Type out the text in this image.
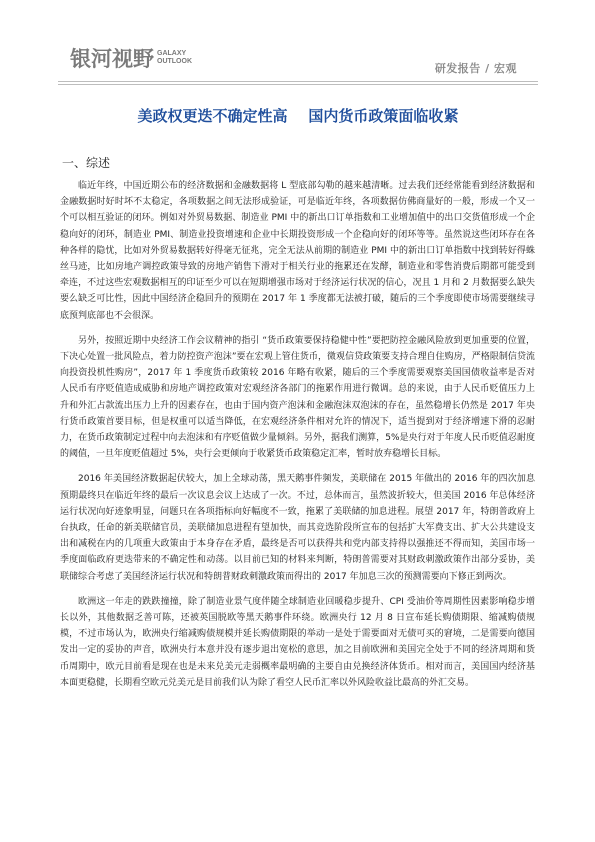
银河视野 GALAXY
OUTLOOK
研发报告 / 宏观
美政权更迭不确定性高    国内货币政策面临收紧
一、综述

临近年终，中国近期公布的经济数据和金融数据将 L 型底部勾勒的越来越清晰。过去我们还经常能看到经济数据和金融数据时好时坏不太稳定，各项数据之间无法形成验证，可是临近年终，各项数据仿佛商量好的一般，形成一个又一个可以相互验证的闭环。例如对外贸易数据、制造业 PMI 中的新出口订单指数和工业增加值中的出口交货值形成一个企稳向好的闭环，制造业 PMI、制造业投资增速和企业中长期投资形成一个企稳向好的闭环等等。虽然说这些闭环存在各种各样的隐忧，比如对外贸易数据转好得毫无征兆，完全无法从前期的制造业 PMI 中的新出口订单指数中找到转好得蛛丝马迹，比如房地产调控政策导致的房地产销售下滑对于相关行业的拖累还在发酵，制造业和零售消费后期都可能受到牵连，不过这些宏观数据相互的印证至少可以在短期增强市场对于经济运行状况的信心，况且 1 月和 2 月数据要么缺失要么缺乏可比性，因此中国经济企稳回升的预期在 2017 年 1 季度都无法被打破，随后的三个季度即使市场需要继续寻底预判底部也不会很深。

另外，按照近期中央经济工作会议精神的指引 “货币政策要保持稳健中性”要把防控金融风险放到更加重要的位置，下决心处置一批风险点，着力防控资产泡沫”要在宏观上管住货币，微观信贷政策要支持合理自住购房，严格限制信贷流向投资投机性购房”，2017 年 1 季度货币政策较 2016 年略有收紧，随后的三个季度需要观察美国国债收益率是否对人民币有序贬值造成威胁和房地产调控政策对宏观经济各部门的拖累作用进行微调。总的来说，由于人民币贬值压力上升和外汇占款流出压力上升的因素存在，也由于国内资产泡沫和金融泡沫双泡沫的存在，虽然稳增长仍然是 2017 年央行货币政策首要目标，但是权重可以适当降低，在宏观经济条件相对允许的情况下，适当提到对于经济增速下滑的忍耐力，在货币政策制定过程中向去泡沫和有序贬值做少量倾斜。另外，据我们测算，5%是央行对于年度人民币贬值忍耐度的阈值，一旦年度贬值超过 5%，央行会更倾向于收紧货币政策稳定汇率，暂时放弃稳增长目标。

2016 年美国经济数据起伏较大，加上全球动荡，黑天鹅事件频发，美联储在 2015 年做出的 2016 年的四次加息预期最终只在临近年终的最后一次议息会议上达成了一次。不过，总体而言，虽然波折较大，但美国 2016 年总体经济运行状况向好迹象明显，问题只在各项指标向好幅度不一致，拖累了美联储的加息进程。展望 2017 年，特朗普政府上台执政，任命的新美联储官员，美联储加息进程有望加快，而其竞选阶段所宣布的包括扩大军费支出、扩大公共建设支出和减税在内的几项重大政策由于本身存在矛盾，最终是否可以获得共和党内部支持得以强推还不得而知，美国市场一季度面临政府更迭带来的不确定性和动荡。以目前已知的材料来判断，特朗普需要对其财政刺激政策作出部分妥协，美联储综合考虑了美国经济运行状况和特朗普财政刺激政策而得出的 2017 年加息三次的预测需要向下修正到两次。

欧洲这一年走的跌跌撞撞，除了制造业景气度伴随全球制造业回暖稳步提升、CPI 受油价等周期性因素影响稳步增长以外，其他数据乏善可陈，还被英国脱欧等黑天鹅事件环绕。欧洲央行 12 月 8 日宣布延长购债期限、缩减购债规模，不过市场认为，欧洲央行缩减购债规模并延长购债期限的举动一是处于需要面对无债可买的窘境，二是需要向德国发出一定的妥协的声音，欧洲央行本意并没有逐步退出宽松的意思，加之目前欧洲和美国完全处于不同的经济周期和货币周期中，欧元目前看是现在也是未来兑美元走弱概率最明确的主要自由兑换经济体货币。相对而言，美国国内经济基本面更稳健，长期看空欧元兑美元是目前我们认为除了看空人民币汇率以外风险收益比最高的外汇交易。
